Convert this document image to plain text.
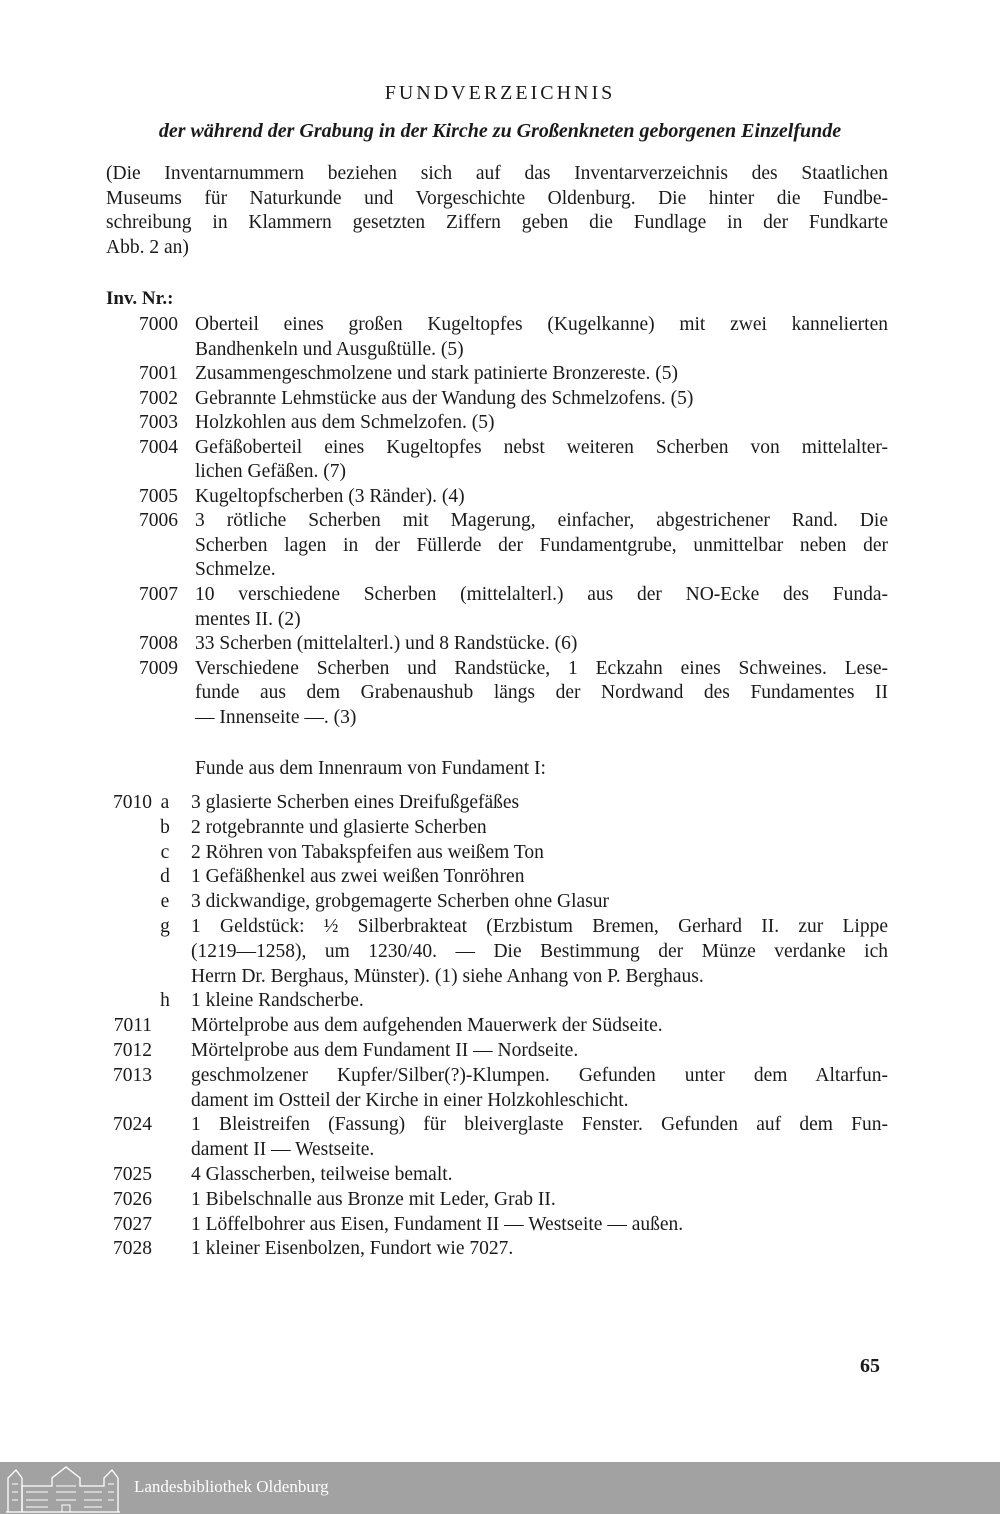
FUNDVERZEICHNIS
der während der Grabung in der Kirche zu Großenkneten geborgenen Einzelfunde
(Die Inventarnummern beziehen sich auf das Inventarverzeichnis des Staatlichen
Museums für Naturkunde und Vorgeschichte Oldenburg. Die hinter die Fundbe-
schreibung in Klammern gesetzten Ziffern geben die Fundlage in der Fundkarte
Abb. 2 an)
Inv. Nr.:
7000 Oberteil eines großen Kugeltopfes (Kugelkanne) mit zwei kannelierten
Bandhenkeln und Ausgußtülle. (5)
7001 Zusammengeschmolzene und stark patinierte Bronzereste. (5)
7002 Gebrannte Lehmstücke aus der Wandung des Schmelzofens. (5)
7003 Holzkohlen aus dem Schmelzofen. (5)
7004 Gefäßoberteil eines Kugeltopfes nebst weiteren Scherben von mittelalter-
lichen Gefäßen. (7)
7005 Kugeltopfscherben (3 Ränder). (4)
7006 3 rötliche Scherben mit Magerung, einfacher, abgestrichener Rand. Die
Scherben lagen in der Füllerde der Fundamentgrube, unmittelbar neben der
Schmelze.
7007 10 verschiedene Scherben (mittelalterl.) aus der NO-Ecke des Funda-
mentes II. (2)
7008 33 Scherben (mittelalterl.) und 8 Randstücke. (6)
7009 Verschiedene Scherben und Randstücke, 1 Eckzahn eines Schweines. Lese-
funde aus dem Grabenaushub längs der Nordwand des Fundamentes II
— Innenseite —. (3)
Funde aus dem Innenraum von Fundament I:
7010 a 3 glasierte Scherben eines Dreifußgefäßes
b 2 rotgebrannte und glasierte Scherben
c 2 Röhren von Tabakspfeifen aus weißem Ton
d 1 Gefäßhenkel aus zwei weißen Tonröhren
e 3 dickwandige, grobgemagerte Scherben ohne Glasur
g 1 Geldstück: ½ Silberbrakteat (Erzbistum Bremen, Gerhard II. zur Lippe
(1219—1258), um 1230/40. — Die Bestimmung der Münze verdanke ich
Herrn Dr. Berghaus, Münster). (1) siehe Anhang von P. Berghaus.
h 1 kleine Randscherbe.
7011 Mörtelprobe aus dem aufgehenden Mauerwerk der Südseite.
7012 Mörtelprobe aus dem Fundament II — Nordseite.
7013 geschmolzener Kupfer/Silber(?)-Klumpen. Gefunden unter dem Altarfun-
dament im Ostteil der Kirche in einer Holzkohleschicht.
7024 1 Bleistreifen (Fassung) für bleiverglaste Fenster. Gefunden auf dem Fun-
dament II — Westseite.
7025 4 Glasscherben, teilweise bemalt.
7026 1 Bibelschnalle aus Bronze mit Leder, Grab II.
7027 1 Löffelbohrer aus Eisen, Fundament II — Westseite — außen.
7028 1 kleiner Eisenbolzen, Fundort wie 7027.
65
Landesbibliothek Oldenburg
